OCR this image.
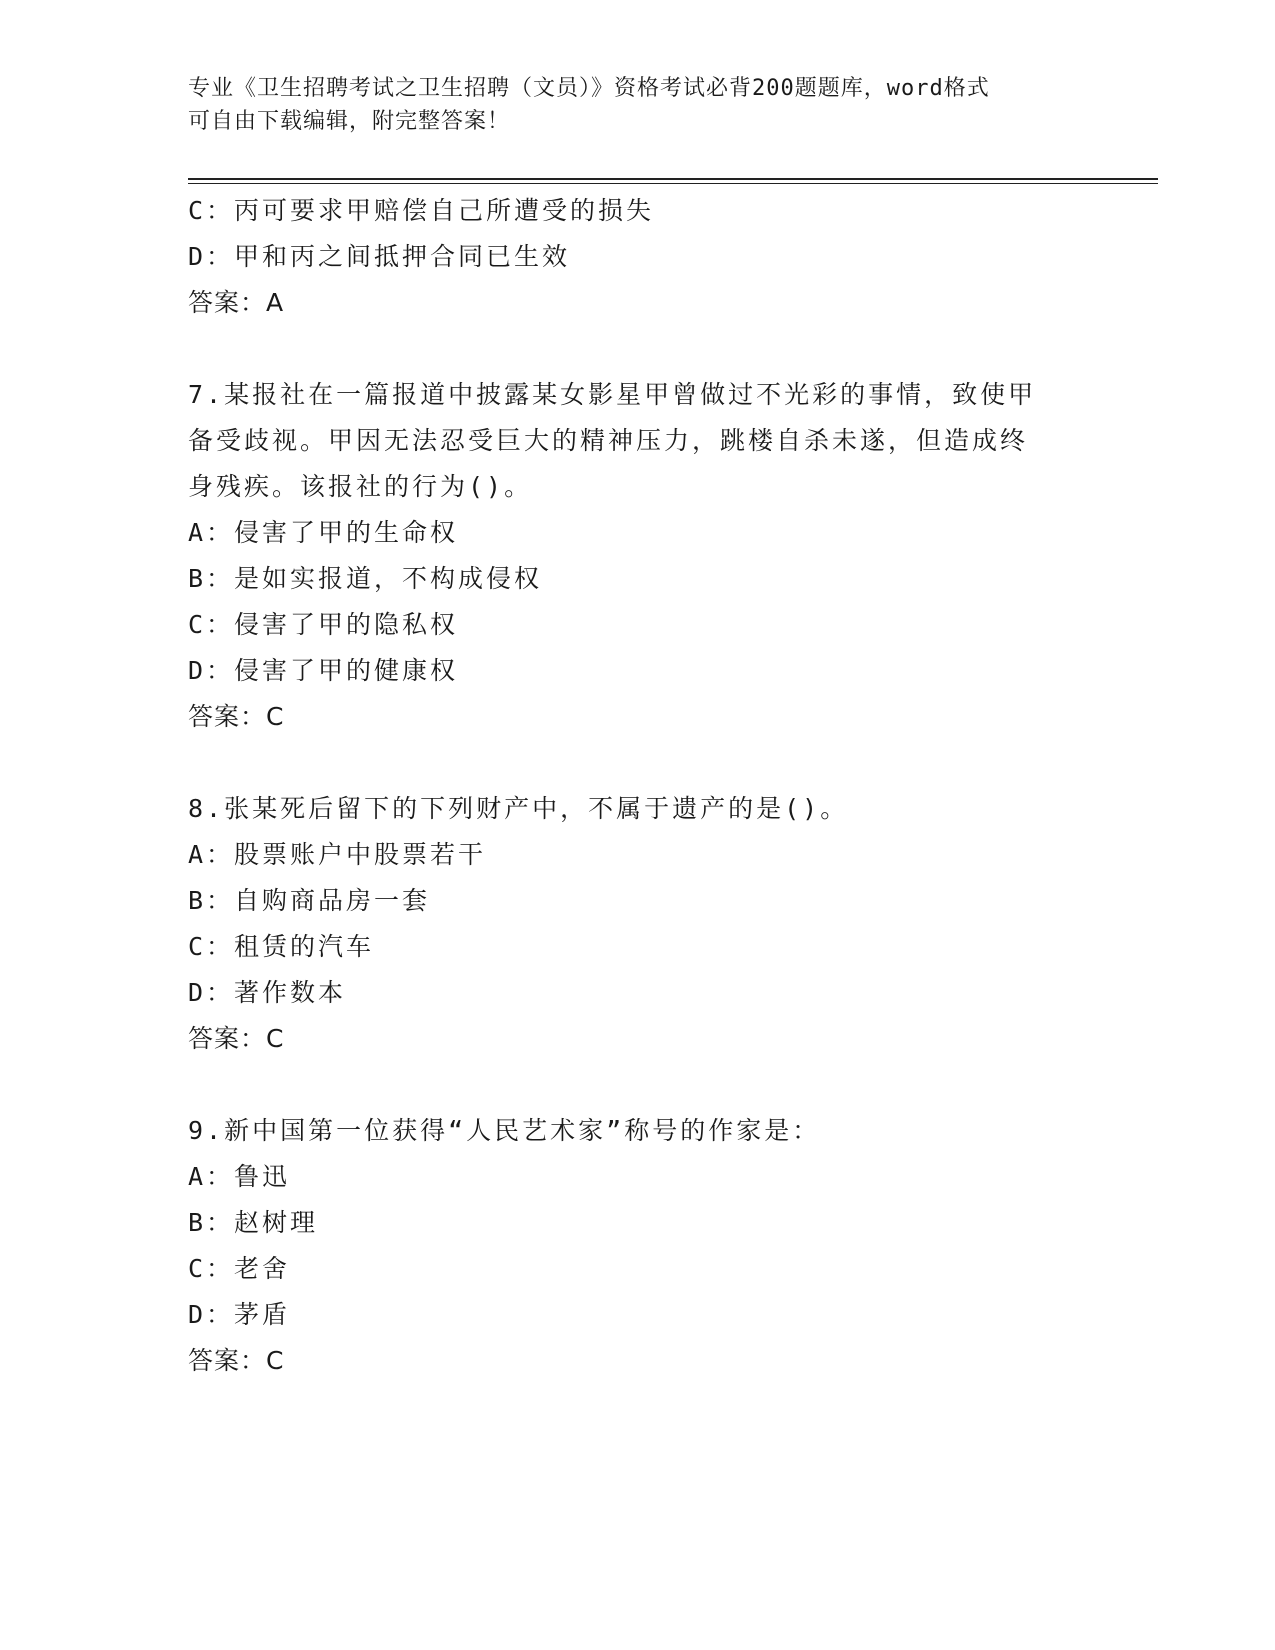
专业《卫生招聘考试之卫生招聘（文员）》资格考试必背200题题库，word格式
可自由下载编辑，附完整答案！
C：丙可要求甲赔偿自己所遭受的损失
D：甲和丙之间抵押合同已生效
答案：A
7.某报社在一篇报道中披露某女影星甲曾做过不光彩的事情，致使甲
备受歧视。甲因无法忍受巨大的精神压力，跳楼自杀未遂，但造成终
身残疾。该报社的行为()。
A：侵害了甲的生命权
B：是如实报道，不构成侵权
C：侵害了甲的隐私权
D：侵害了甲的健康权
答案：C
8.张某死后留下的下列财产中，不属于遗产的是()。
A：股票账户中股票若干
B：自购商品房一套
C：租赁的汽车
D：著作数本
答案：C
9.新中国第一位获得“人民艺术家”称号的作家是：
A：鲁迅
B：赵树理
C：老舍
D：茅盾
答案：C
